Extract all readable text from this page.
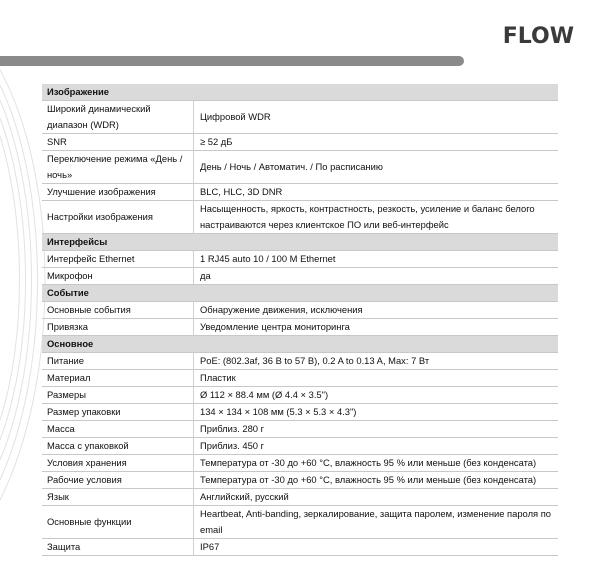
FLOW
Изображение	
Широкий динамический диапазон (WDR)	Цифровой WDR
SNR	≥ 52 дБ
Переключение режима «День / ночь»	День / Ночь / Автоматич. / По расписанию
Улучшение изображения	BLC, HLC, 3D DNR
Настройки изображения	Насыщенность, яркость, контрастность, резкость, усиление и баланс белого настраиваются через клиентское ПО или веб-интерфейс
Интерфейсы	
Интерфейс Ethernet	1 RJ45 auto 10 / 100 M Ethernet
Микрофон	да
Событие	
Основные события	Обнаружение движения, исключения
Привязка	Уведомление центра мониторинга
Основное	
Питание	PoE: (802.3af, 36 В to 57 В), 0.2 A to 0.13 A, Max: 7 Вт
Материал	Пластик
Размеры	Ø 112 × 88.4 мм (Ø 4.4 × 3.5")
Размер упаковки	134 × 134 × 108 мм (5.3 × 5.3 × 4.3")
Масса	Приблиз. 280 г
Масса с упаковкой	Приблиз. 450 г
Условия хранения	Температура от -30 до +60 °C, влажность 95 % или меньше (без конденсата)
Рабочие условия	Температура от -30 до +60 °C, влажность 95 % или меньше (без конденсата)
Язык	Английский, русский
Основные функции	Heartbeat, Anti-banding, зеркалирование, защита паролем, изменение пароля по email
Защита	IP67
